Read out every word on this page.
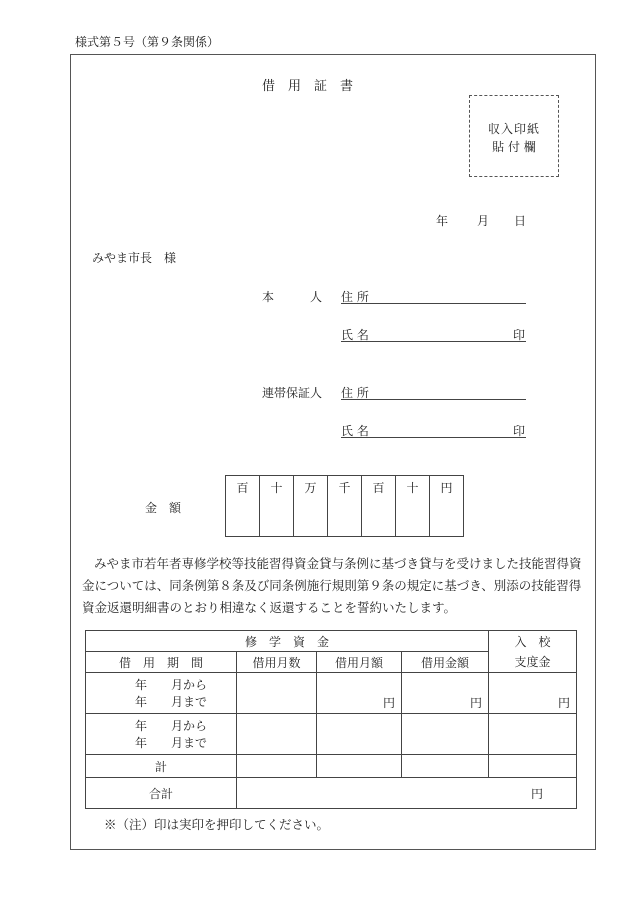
様式第５号（第９条関係）
借　用　証　書
収入印紙
貼 付 欄
年 月 日
みやま市長　様
本　　　人 住 所
氏 名	印
連帯保証人 住 所
氏 名	印
金　額
百	十	万	千	百	十	円

みやま市若年者専修学校等技能習得資金貸与条例に基づき貸与を受けました技能習得資金については、同条例第８条及び同条例施行規則第９条の規定に基づき、別添の技能習得資金返還明細書のとおり相違なく返還することを誓約いたします。

修　学　資　金				入　校
借　用　期　間	借用月数	借用月額	借用金額	支度金

年　　月から
年　　月まで		円	円	円

年　　月から
年　　月まで				

計				
合計	円			
※（注）印は実印を押印してください。
